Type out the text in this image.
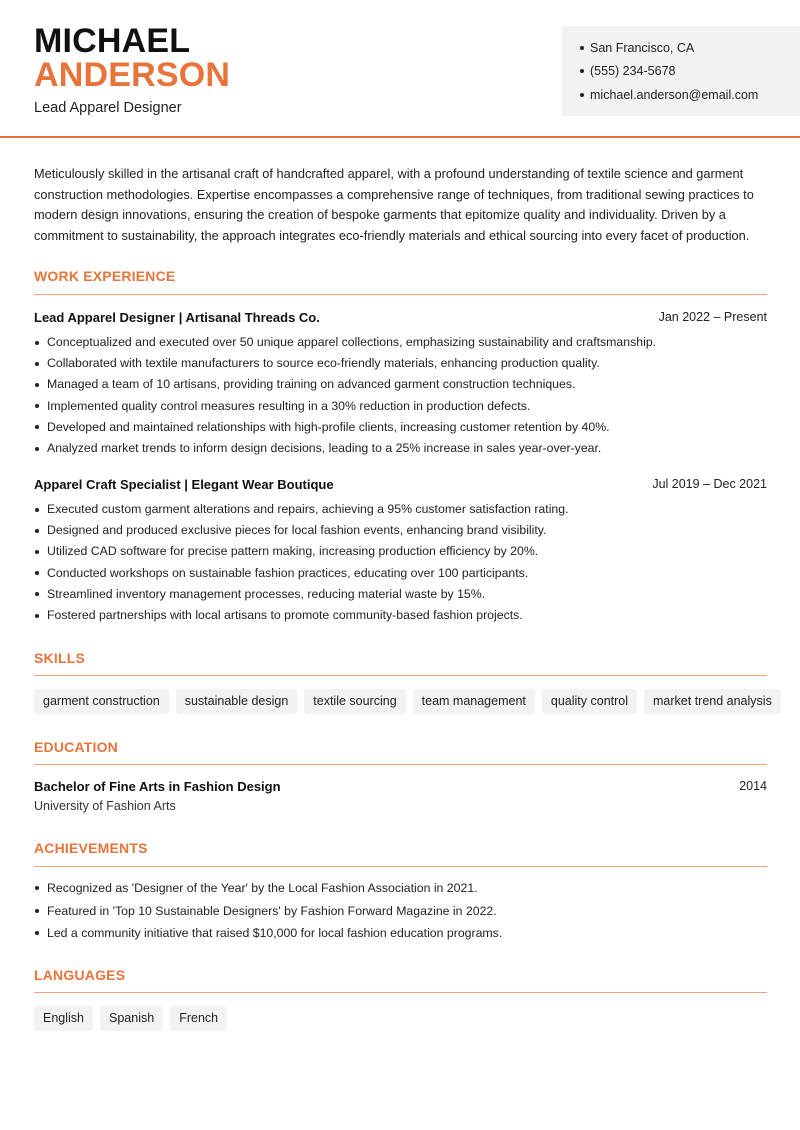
MICHAEL
ANDERSON
Lead Apparel Designer
San Francisco, CA
(555) 234-5678
michael.anderson@email.com
Meticulously skilled in the artisanal craft of handcrafted apparel, with a profound understanding of textile science and garment construction methodologies. Expertise encompasses a comprehensive range of techniques, from traditional sewing practices to modern design innovations, ensuring the creation of bespoke garments that epitomize quality and individuality. Driven by a commitment to sustainability, the approach integrates eco-friendly materials and ethical sourcing into every facet of production.
WORK EXPERIENCE
Lead Apparel Designer | Artisanal Threads Co.	Jan 2022 – Present
Conceptualized and executed over 50 unique apparel collections, emphasizing sustainability and craftsmanship.
Collaborated with textile manufacturers to source eco-friendly materials, enhancing production quality.
Managed a team of 10 artisans, providing training on advanced garment construction techniques.
Implemented quality control measures resulting in a 30% reduction in production defects.
Developed and maintained relationships with high-profile clients, increasing customer retention by 40%.
Analyzed market trends to inform design decisions, leading to a 25% increase in sales year-over-year.
Apparel Craft Specialist | Elegant Wear Boutique	Jul 2019 – Dec 2021
Executed custom garment alterations and repairs, achieving a 95% customer satisfaction rating.
Designed and produced exclusive pieces for local fashion events, enhancing brand visibility.
Utilized CAD software for precise pattern making, increasing production efficiency by 20%.
Conducted workshops on sustainable fashion practices, educating over 100 participants.
Streamlined inventory management processes, reducing material waste by 15%.
Fostered partnerships with local artisans to promote community-based fashion projects.
SKILLS
garment construction	sustainable design	textile sourcing	team management	quality control	market trend analysis
EDUCATION
Bachelor of Fine Arts in Fashion Design	2014
University of Fashion Arts
ACHIEVEMENTS
Recognized as 'Designer of the Year' by the Local Fashion Association in 2021.
Featured in 'Top 10 Sustainable Designers' by Fashion Forward Magazine in 2022.
Led a community initiative that raised $10,000 for local fashion education programs.
LANGUAGES
English	Spanish	French
